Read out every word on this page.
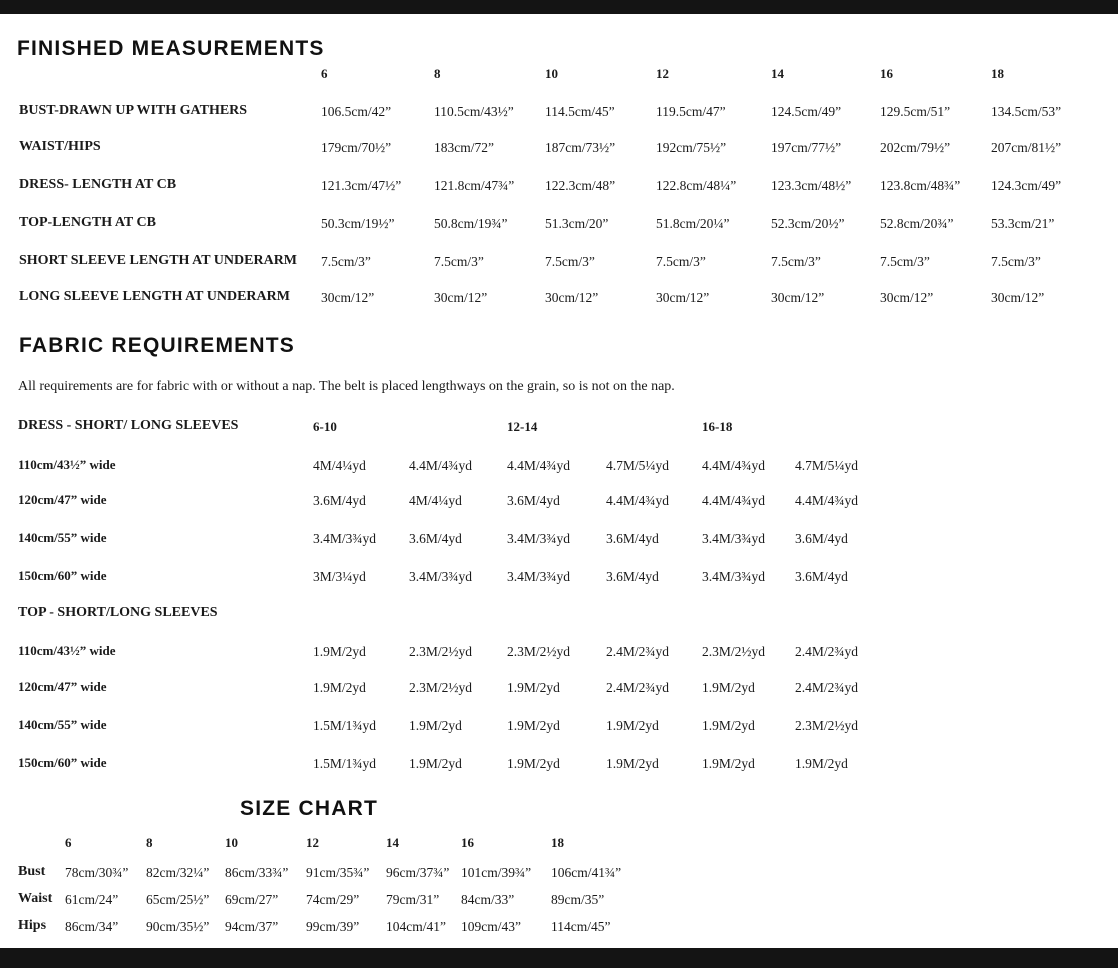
FINISHED MEASUREMENTS
6	8	10	12	14	16	18
BUST-DRAWN UP WITH GATHERS	106.5cm/42”	110.5cm/43½” 114.5cm/45”	119.5cm/47”	124.5cm/49”	129.5cm/51”	134.5cm/53”
WAIST/HIPS	179cm/70½”	183cm/72”	187cm/73½”	192cm/75½”	197cm/77½”	202cm/79½”	207cm/81½”
DRESS- LENGTH AT CB	121.3cm/47½” 121.8cm/47¾” 122.3cm/48”	122.8cm/48¼”	123.3cm/48½” 123.8cm/48¾” 124.3cm/49”
TOP-LENGTH AT CB	50.3cm/19½”	50.8cm/19¾”	51.3cm/20”	51.8cm/20¼”	52.3cm/20½”	52.8cm/20¾”	53.3cm/21”
SHORT SLEEVE LENGTH AT UNDERARM 7.5cm/3”	7.5cm/3”	7.5cm/3”	7.5cm/3”	7.5cm/3”	7.5cm/3”	7.5cm/3”
LONG SLEEVE LENGTH AT UNDERARM 30cm/12”	30cm/12”	30cm/12”	30cm/12”	30cm/12”	30cm/12”	30cm/12”
FABRIC REQUIREMENTS
All requirements are for fabric with or without a nap. The belt is placed lengthways on the grain, so is not on the nap.
DRESS - SHORT/ LONG SLEEVES	6-10	12-14	16-18
110cm/43½” wide	4M/4¼yd	4.4M/4¾yd	4.4M/4¾yd	4.7M/5¼yd 4.4M/4¾yd 4.7M/5¼yd
120cm/47” wide	3.6M/4yd	4M/4¼yd	3.6M/4yd	4.4M/4¾yd 4.4M/4¾yd 4.4M/4¾yd
140cm/55” wide	3.4M/3¾yd 3.6M/4yd	3.4M/3¾yd	3.6M/4yd	3.4M/3¾yd 3.6M/4yd
150cm/60” wide	3M/3¼yd	3.4M/3¾yd	3.4M/3¾yd	3.6M/4yd	3.4M/3¾yd 3.6M/4yd
TOP - SHORT/LONG SLEEVES
110cm/43½” wide	1.9M/2yd	2.3M/2½yd	2.3M/2½yd	2.4M/2¾yd 2.3M/2½yd 2.4M/2¾yd
120cm/47” wide	1.9M/2yd	2.3M/2½yd	1.9M/2yd	2.4M/2¾yd 1.9M/2yd	2.4M/2¾yd
140cm/55” wide	1.5M/1¾yd 1.9M/2yd	1.9M/2yd	1.9M/2yd	1.9M/2yd	2.3M/2½yd
150cm/60” wide	1.5M/1¾yd 1.9M/2yd	1.9M/2yd	1.9M/2yd	1.9M/2yd	1.9M/2yd
SIZE CHART
6	8	10	12	14	16	18
Bust 78cm/30¾” 82cm/32¼” 86cm/33¾” 91cm/35¾” 96cm/37¾” 101cm/39¾” 106cm/41¾”
Waist 61cm/24” 65cm/25½” 69cm/27” 74cm/29” 79cm/31” 84cm/33”	89cm/35”
Hips 86cm/34” 90cm/35½” 94cm/37” 99cm/39” 104cm/41” 109cm/43” 114cm/45”
